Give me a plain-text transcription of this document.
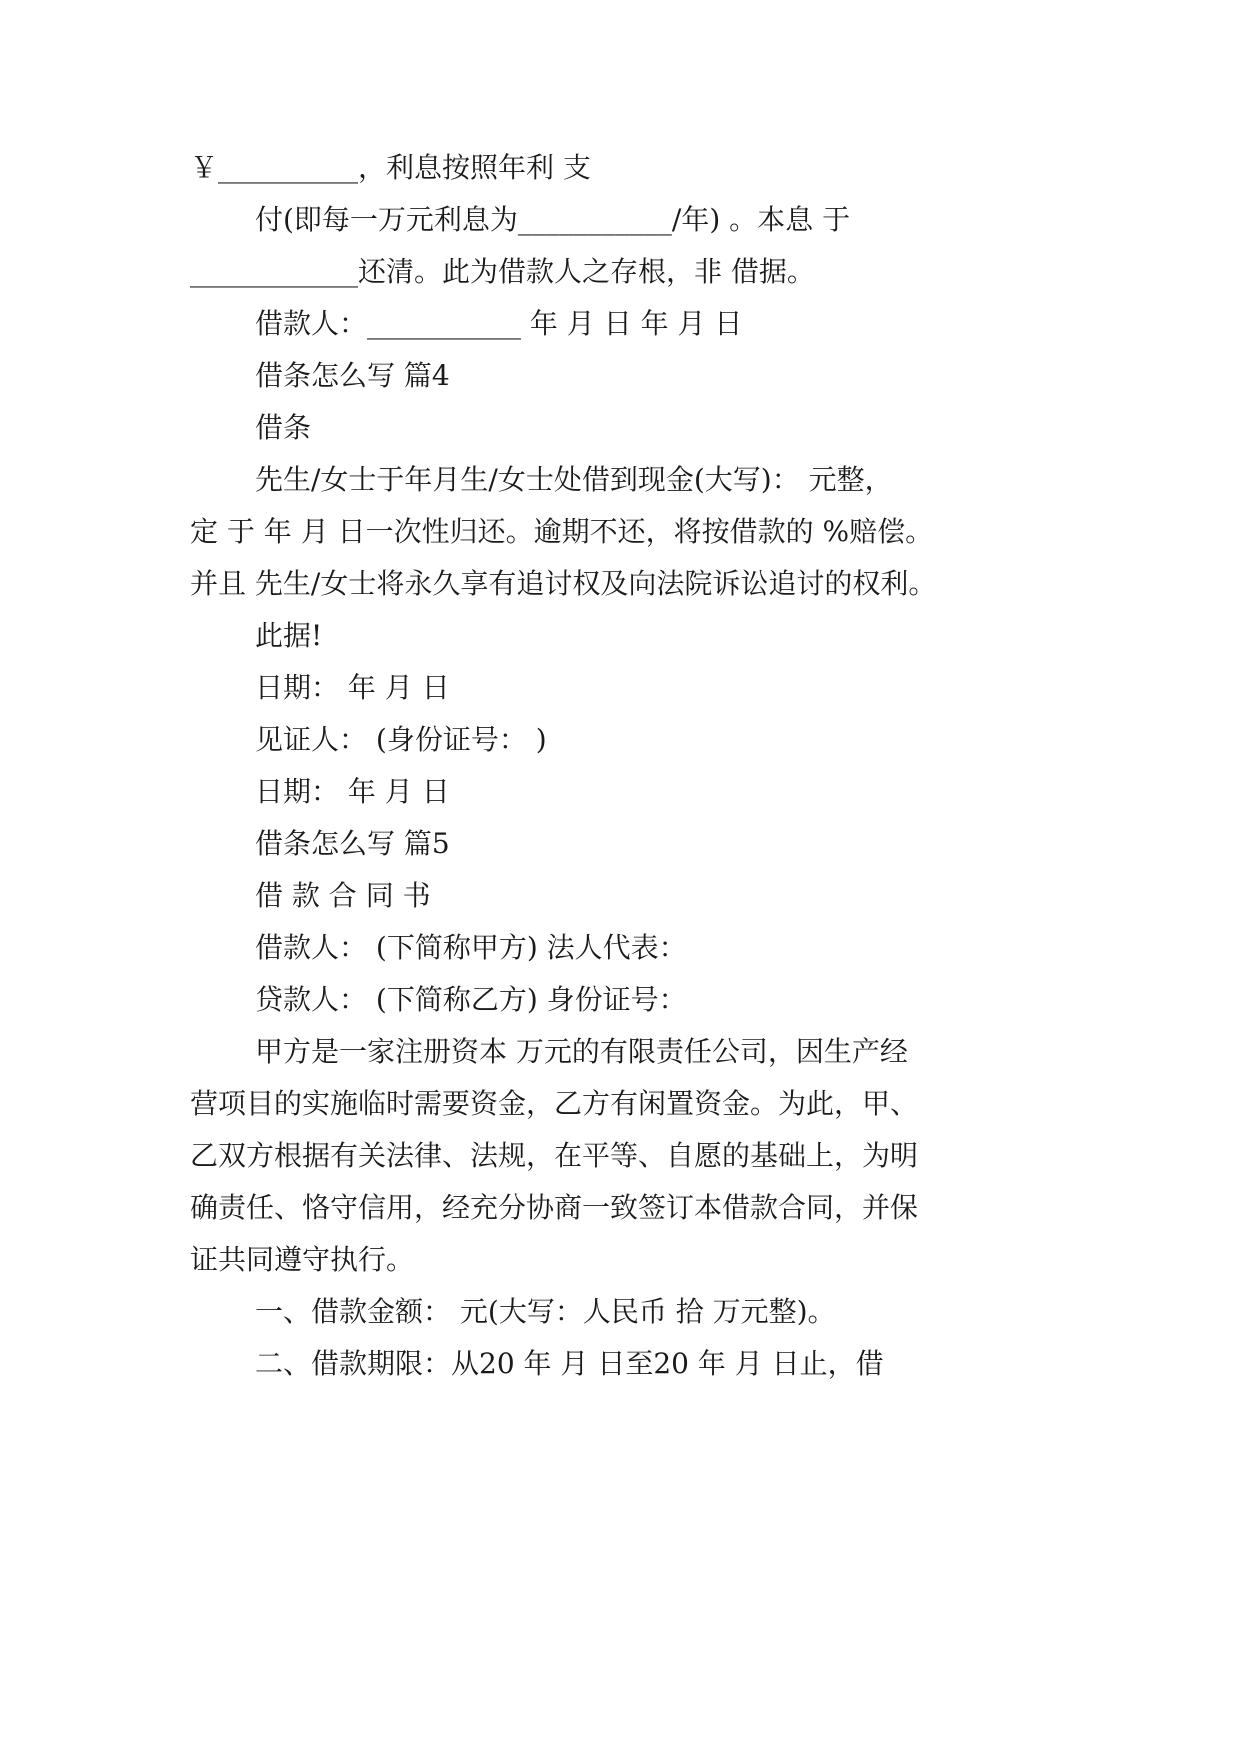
￥__________，利息按照年利 支
付(即每一万元利息为___________/年) 。本息 于
____________还清。此为借款人之存根，非 借据。
借款人：___________ 年 月 日 年 月 日
借条怎么写 篇4
借条
先生/女士于年月生/女士处借到现金(大写)： 元整，
定 于 年 月 日一次性归还。逾期不还，将按借款的 %赔偿。
并且 先生/女士将永久享有追讨权及向法院诉讼追讨的权利。
此据!
日期： 年 月 日
见证人： (身份证号： )
日期： 年 月 日
借条怎么写 篇5
借 款 合 同 书
借款人： (下简称甲方) 法人代表：
贷款人： (下简称乙方) 身份证号：
甲方是一家注册资本 万元的有限责任公司，因生产经
营项目的实施临时需要资金，乙方有闲置资金。为此，甲、
乙双方根据有关法律、法规，在平等、自愿的基础上，为明
确责任、恪守信用，经充分协商一致签订本借款合同，并保
证共同遵守执行。
一、借款金额： 元(大写：人民币 拾 万元整)。
二、借款期限：从20 年 月 日至20 年 月 日止，借
